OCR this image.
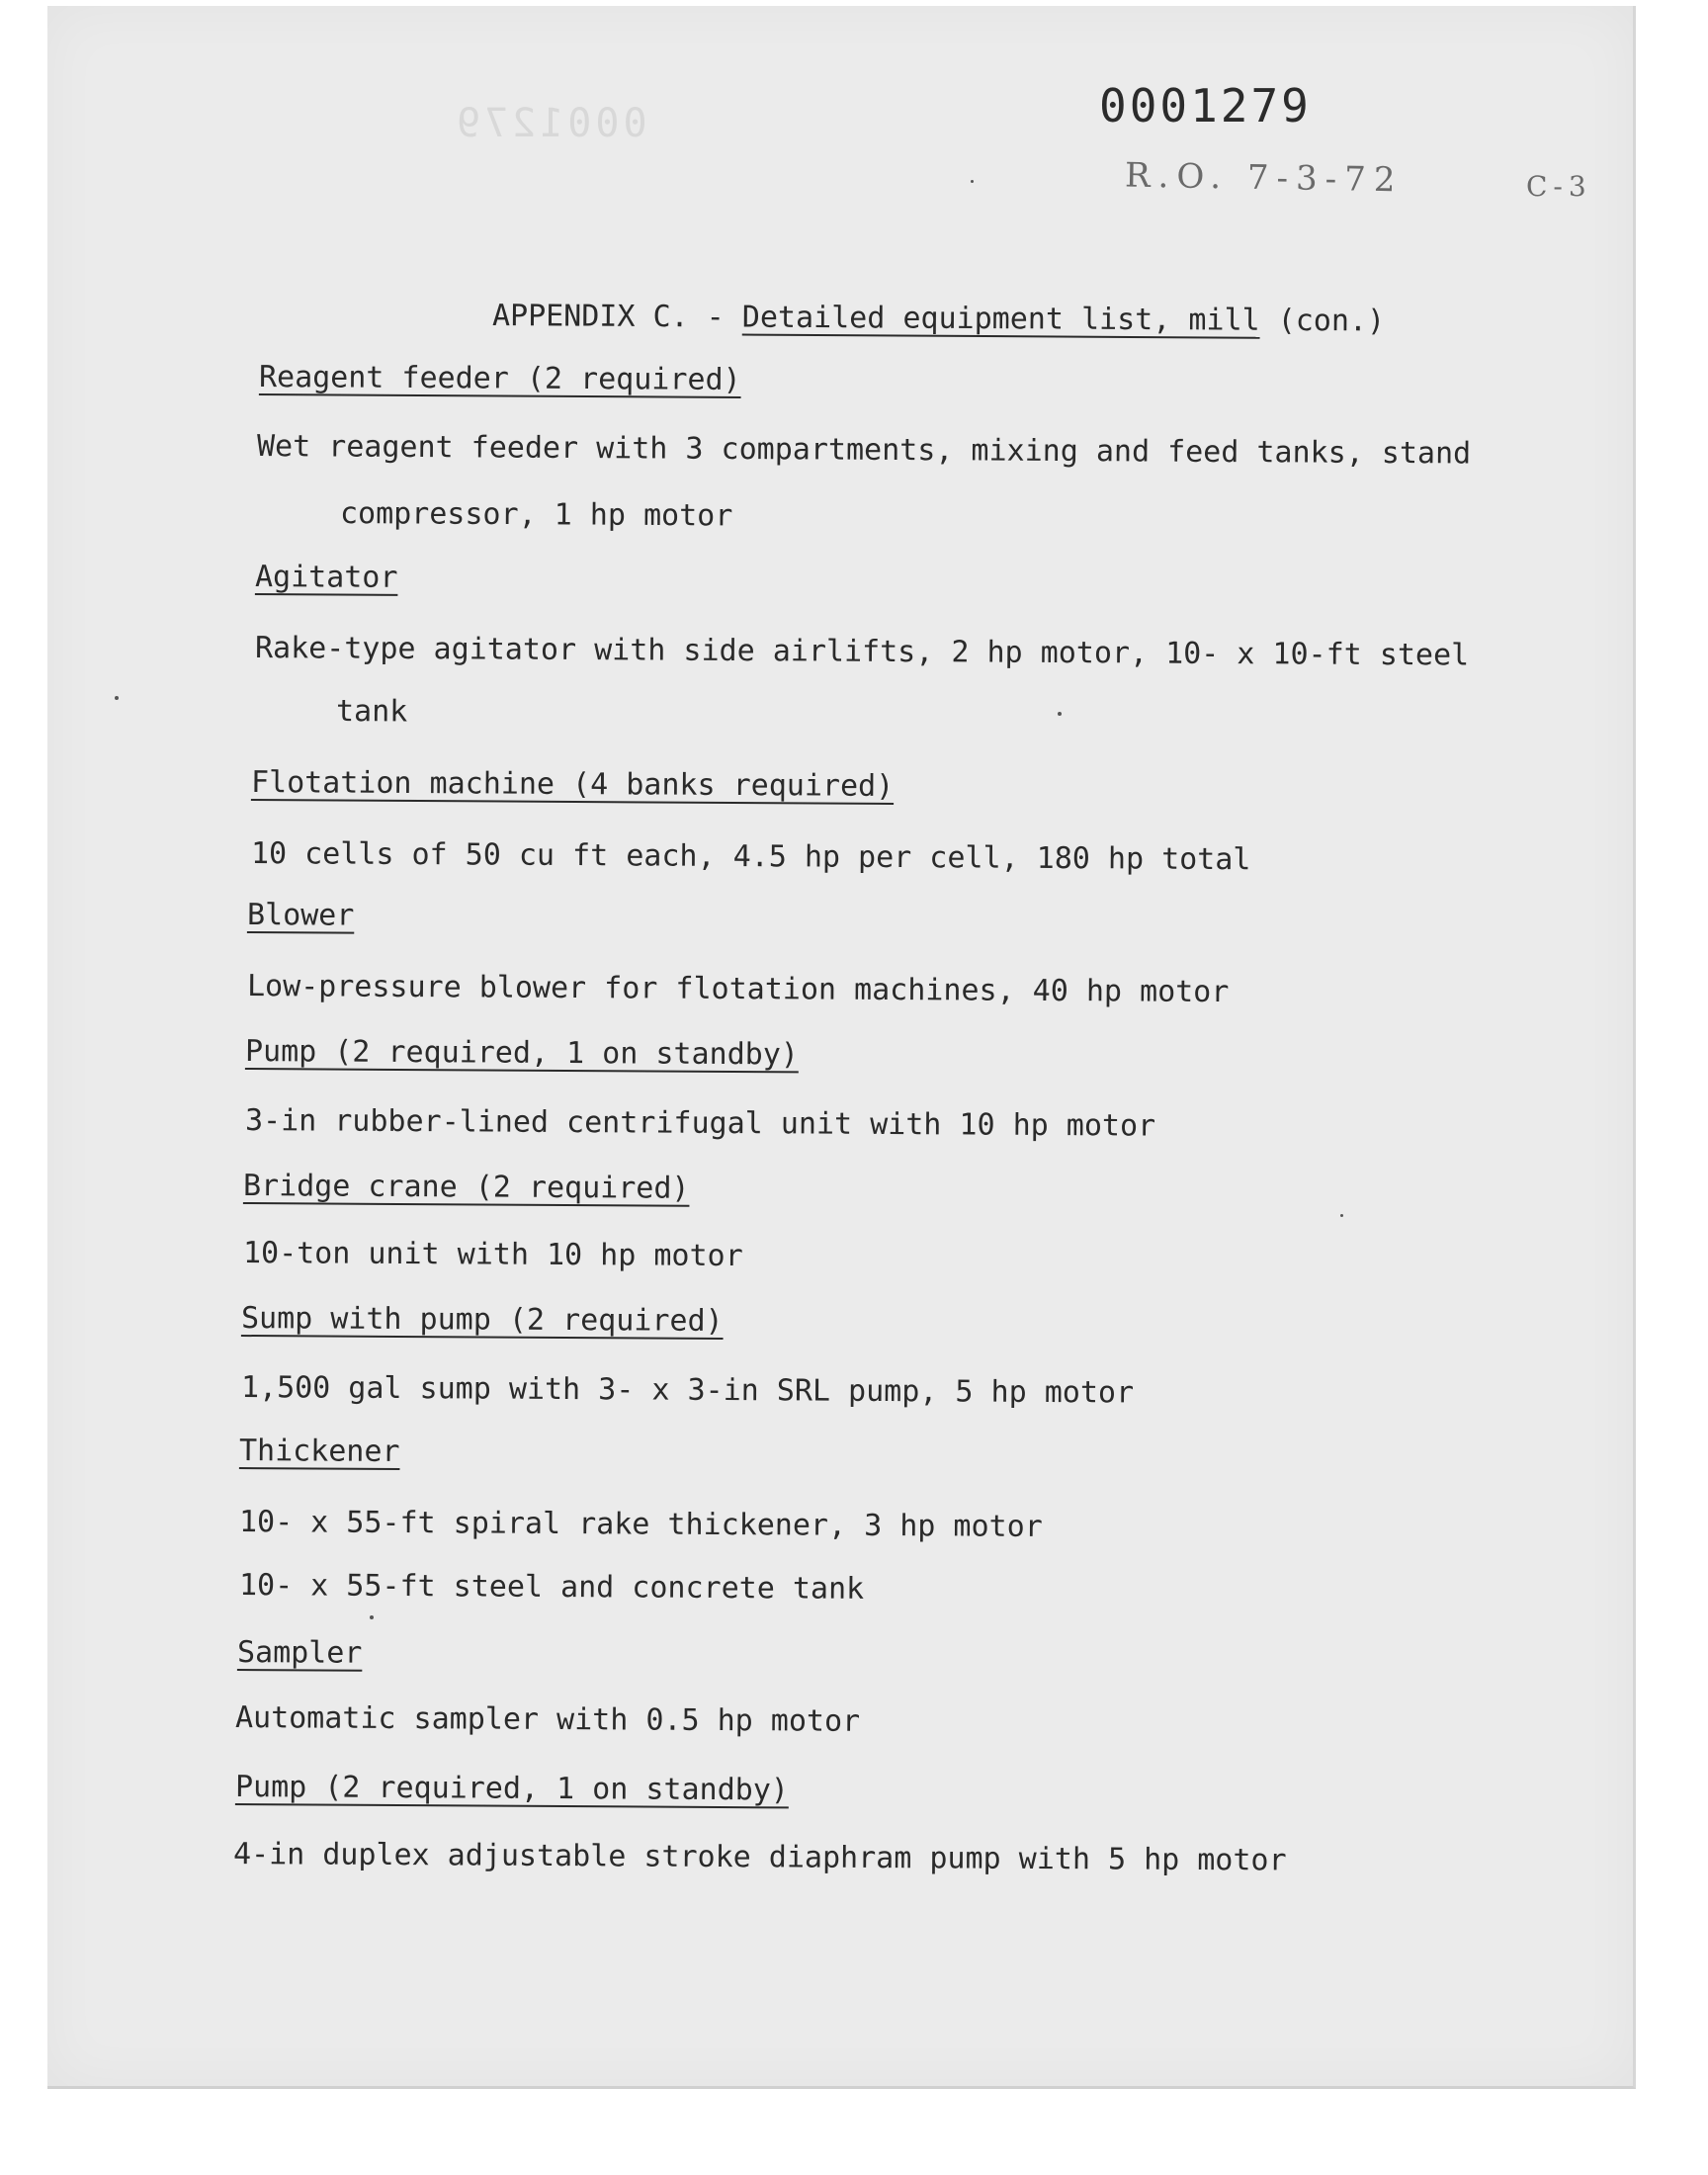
0001279	0001279
R.O. 7-3-72	C-3
APPENDIX C. - Detailed equipment list, mill (con.)
Reagent feeder (2 required)
Wet reagent feeder with 3 compartments, mixing and feed tanks, stand
compressor, 1 hp motor
Agitator
Rake-type agitator with side airlifts, 2 hp motor, 10- x 10-ft steel
tank
Flotation machine (4 banks required)
10 cells of 50 cu ft each, 4.5 hp per cell, 180 hp total
Blower
Low-pressure blower for flotation machines, 40 hp motor
Pump (2 required, 1 on standby)
3-in rubber-lined centrifugal unit with 10 hp motor
Bridge crane (2 required)
10-ton unit with 10 hp motor
Sump with pump (2 required)
1,500 gal sump with 3- x 3-in SRL pump, 5 hp motor
Thickener
10- x 55-ft spiral rake thickener, 3 hp motor
10- x 55-ft steel and concrete tank
Sampler
Automatic sampler with 0.5 hp motor
Pump (2 required, 1 on standby)
4-in duplex adjustable stroke diaphram pump with 5 hp motor
